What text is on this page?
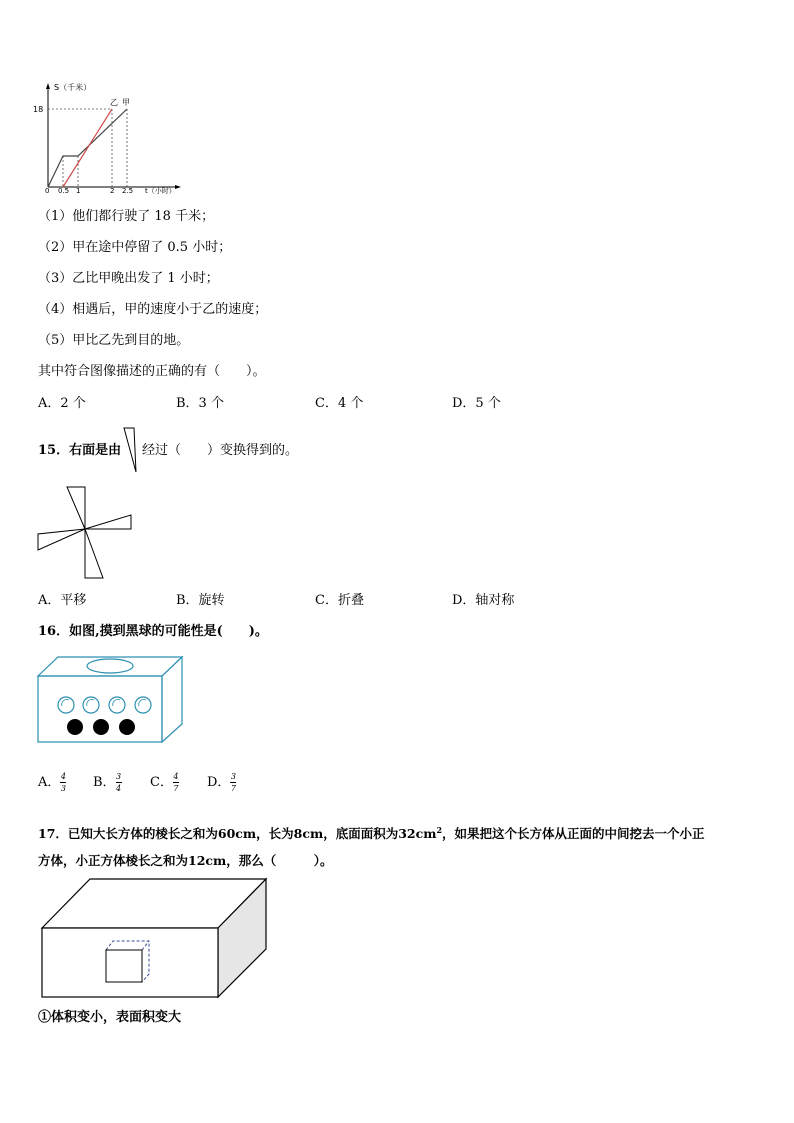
S（千米）
18
乙 甲
0 0.5 1	2 2.5 t（小时）
（1）他们都行驶了 18 千米；
（2）甲在途中停留了 0.5 小时；
（3）乙比甲晚出发了 1 小时；
（4）相遇后，甲的速度小于乙的速度；
（5）甲比乙先到目的地。
其中符合图像描述的正确的有（　　）。
A．2 个	B．3 个	C．4 个	D．5 个
15．右面是由 经过（　　）变换得到的。
A．平移	B．旋转	C．折叠	D．轴对称
16．如图,摸到黑球的可能性是(　　)。
A． $\frac{4}{3}$ B． $\frac{3}{4}$ C． $\frac{4}{7}$ D． $\frac{3}{7}$
17．已知大长方体的棱长之和为60cm，长为8cm，底面面积为$32cm^2$，如果把这个长方体从正面的中间挖去一个小正
方体，小正方体棱长之和为12cm，那么（　　　）。
①体积变小，表面积变大
